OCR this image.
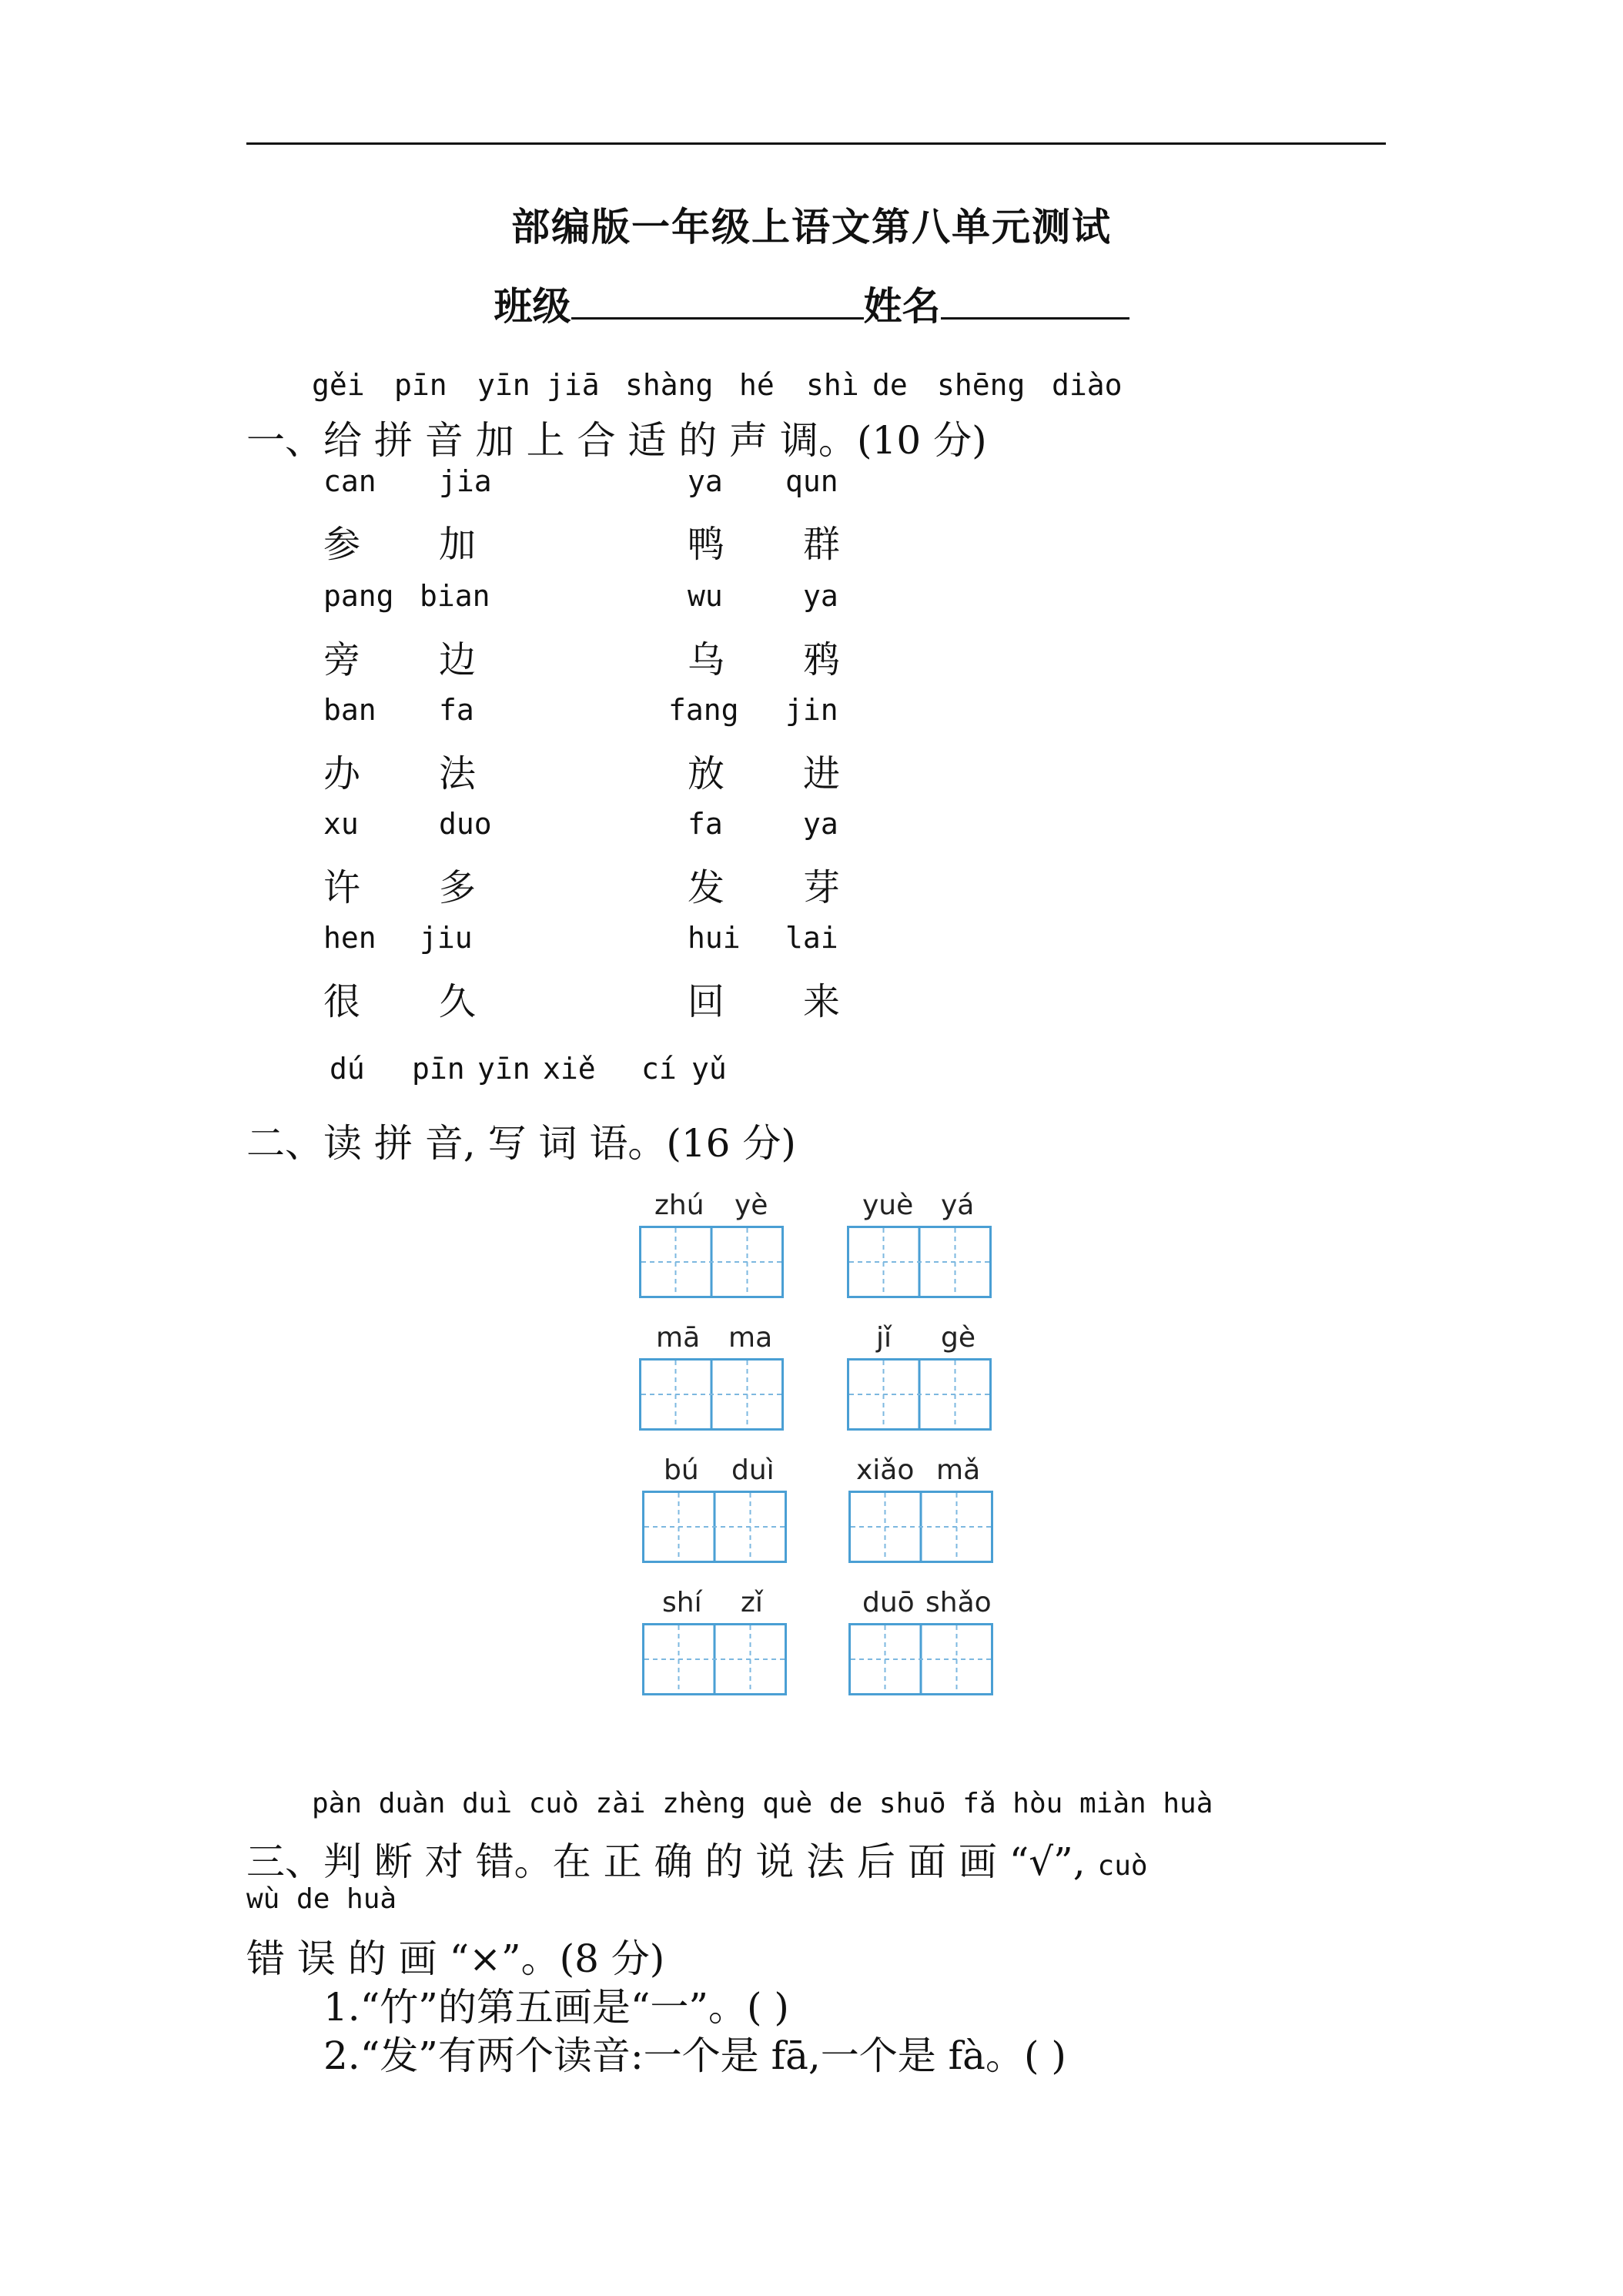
部编版一年级上语文第八单元测试
班级	姓名
gěi pīn yīn jiā shàng hé shì de shēng diào
一、给 拼 音 加 上 合 适 的 声 调。(10 分)
can jia	ya qun
参 加	鸭 群
pang bian	wu	ya
旁 边	乌 鸦
ban fa	fang jin
办 法	放 进
xu	duo	fa	ya
许 多	发 芽
hen jiu	hui lai
很 久	回 来
dú pīn yīn xiě cí yǔ
二、读 拼 音, 写 词 语。(16 分)
zhú yè	yuè yá
mā ma	jǐ gè
bú duì	xiǎo mǎ
shí zǐ	duō shǎo
pàn duàn duì cuò zài zhèng què de shuō fǎ hòu miàn huà
三、判 断 对 错。在 正 确 的 说 法 后 面 画 “√”, cuò
wù de huà
错 误 的 画 “×”。(8 分)
1.“竹”的第五画是“一”。( )
2.“发”有两个读音:一个是 fā,一个是 fà。( )
